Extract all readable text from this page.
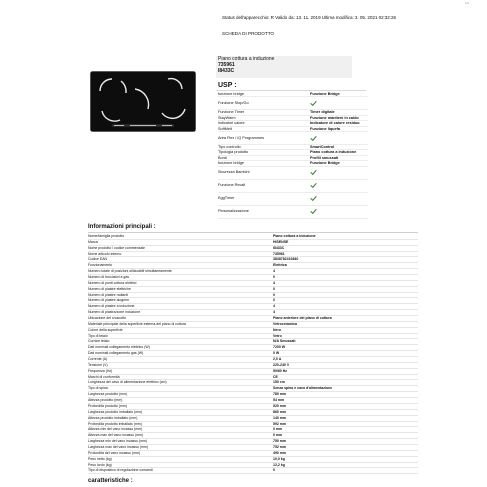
1/2
Status dell'apparecchio: R Valido da: 13. 11. 2019 Ultima modifica: 3. 05. 2021 02:32:26
SCHEDA DI PRODOTTO
Piano cottura a induzione
735961
I8433C
USP :
funzione bridge	Funzione Bridge
Funzione Stop/Go
Funzione Timer	Timer digitale
StayWarm	Funzione mantieni in caldo
indicatori calore	Indicatore di calore residuo
SoftMelt	Funzione liquefa
Area Flex / iQ Programmes
Tipo controllo	SmartControl
Tipologia prodotto	Piano cottura a induzione
Bordi	Profili smussati
funzione bridge	Funzione Bridge
Sicurezza Bambini
Funzione Recall
EggTimer
Personalizzazione
Informazioni principali :
Nome/famiglia prodotto	Piano cottura a induzione
Marca	HISENSE
Nome prodotto / codice commerciale	I8433C
Nome articolo interno	735961
Codice EAN	3838782410840
Funzionamento	Elettrica
Numero totale di posizioni utilizzabili simultaneamente	4
Numero di bruciatori a gas	0
Numero di punti cottura elettrici	4
Numero di piastre elettriche	0
Numero di piastre radianti	0
Numero di piastre alogene	0
Numero di piastre a induzione	4
Numero di piastra/zone induzione	4
Ubicazione del cruscotto	Piano anteriore del piano di cottura
Materiale principale della superficie esterna del piano di cottura	Vetroceramica
Colore della superficie	Nero
Tipo di telaio	Vetro
Cornice telaio	N/A Smussati
Dati nominali collegamento elettrico (W)	7200 W
Dati nominali collegamento gas (W)	0 W
Corrente (A)	2,0 A
Tensione (V)	220-240 V
Frequenza (Hz)	50/60 Hz
Marchi di conformità	CE
Lunghezza del cavo di alimentazione elettrico (cm)	150 cm
Tipo di spina	Senza spina e cavo d'alimentazione
Larghezza prodotto (mm)	780 mm
Altezza prodotto (mm)	54 mm
Profondità prodotto (mm)	520 mm
Larghezza prodotto imballato (mm)	860 mm
Altezza prodotto imballato (mm)	140 mm
Profondità prodotto imballato (mm)	592 mm
Altezza min del vano incasso (mm)	0 mm
Altezza max del vano incasso (mm)	0 mm
Larghezza min del vano incasso (mm)	750 mm
Larghezza max del vano incasso (mm)	752 mm
Profondità del vano incasso (mm)	490 mm
Peso netto (kg)	10,0 kg
Peso lordo (kg)	12,2 kg
Tipo di dispositivo di regolazione comandi	0
caratteristiche :
